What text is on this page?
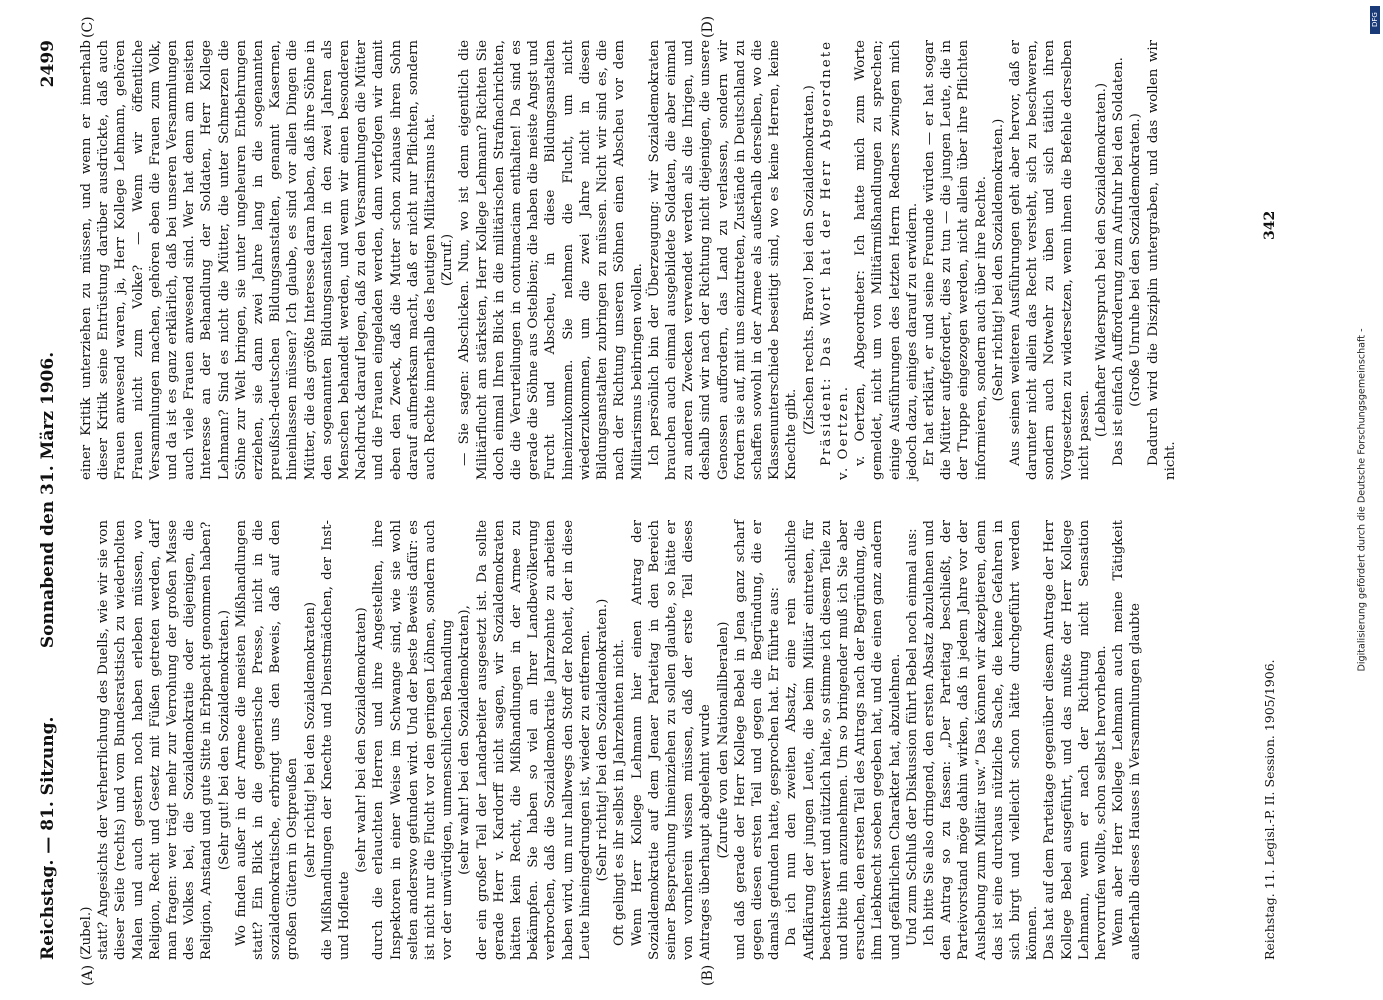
Reichstag. — 81. Sitzung.
Sonnabend den 31. März 1906.
2499
(A)	(B)
(C)	(D)

(Zubel.) statt? Angesichts der Verherrlichung des Duells, wie wir sie von dieser Seite (rechts) und vom Bundesratstisch zu wiederholten Malen und auch gestern noch haben erleben müssen, wo Religion, Recht und Gesetz mit Füßen getreten werden, darf man fragen: wer trägt mehr zur Verrohung der großen Masse des Volkes bei, die Sozialdemokratie oder diejenigen, die Religion, Anstand und gute Sitte in Erbpacht genommen haben? (Sehr gut! bei den Sozialdemokraten.) Wo finden außer in der Armee die meisten Mißhandlungen statt? Ein Blick in die gegnerische Presse, nicht in die sozialdemokratische, erbringt uns den Beweis, daß auf den großen Gütern in Ostpreußen (sehr richtig! bei den Sozialdemokraten) die Mißhandlungen der Knechte und Dienstmädchen, der Inst- und Hofleute

(sehr wahr! bei den Sozialdemokraten) durch die erlauchten Herren und ihre Angestellten, ihre Inspektoren in einer Weise im Schwange sind, wie sie wohl selten anderswo gefunden wird. Und der beste Beweis dafür: es ist nicht nur die Flucht vor den geringen Löhnen, sondern auch vor der unwürdigen, unmenschlichen Behandlung (sehr wahr! bei den Sozialdemokraten), der ein großer Teil der Landarbeiter ausgesetzt ist. Da sollte gerade Herr v. Kardorff nicht sagen, wir Sozialdemokraten hätten kein Recht, die Mißhandlungen in der Armee zu bekämpfen. Sie haben so viel an Ihrer Landbevölkerung verbrochen, daß die Sozialdemokratie Jahrzehnte zu arbeiten haben wird, um nur halbwegs den Stoff der Roheit, der in diese Leute hineingedrungen ist, wieder zu entfernen. (Sehr richtig! bei den Sozialdemokraten.) Oft gelingt es ihr selbst in Jahrzehnten nicht. Wenn Herr Kollege Lehmann hier einen Antrag der Sozialdemokratie auf dem Jenaer Parteitag in den Bereich seiner Besprechung hineinziehen zu sollen glaubte, so hätte er von vornherein wissen müssen, daß der erste Teil dieses Antrages überhaupt abgelehnt wurde (Zurufe von den Nationalliberalen) und daß gerade der Herr Kollege Bebel in Jena ganz scharf gegen diesen ersten Teil und gegen die Begründung, die er damals gefunden hatte, gesprochen hat. Er führte aus: Da ich nun den zweiten Absatz, eine rein sachliche Aufklärung der jungen Leute, die beim Militär eintreten, für beachtenswert und nützlich halte, so stimme ich diesem Teile zu und bitte ihn anzunehmen. Um so bringender muß ich Sie aber ersuchen, den ersten Teil des Antrags nach der Begründung, die ihm Liebknecht soeben gegeben hat, und die einen ganz andern und gefährlichen Charakter hat, abzulehnen. Und zum Schluß der Diskussion führt Bebel noch einmal aus: Ich bitte Sie also dringend, den ersten Absatz abzulehnen und den Antrag so zu fassen: „Der Parteitag beschließt, der Parteivorstand möge dahin wirken, daß in jedem Jahre vor der Aushebung zum Militär usw.“ Das können wir akzeptieren, denn das ist eine durchaus nützliche Sache, die keine Gefahren in sich birgt und vielleicht schon hätte durchgeführt werden können. Das hat auf dem Parteitage gegenüber diesem Antrage der Herr Kollege Bebel ausgeführt, und das mußte der Herr Kollege Lehmann, wenn er nach der Richtung nicht Sensation hervorrufen wollte, schon selbst hervorheben. Wenn aber Herr Kollege Lehmann auch meine Tätigkeit außerhalb dieses Hauses in Versammlungen glaubte

einer Kritik unterziehen zu müssen, und wenn er innerhalb dieser Kritik seine Entrüstung darüber ausdrückte, daß auch Frauen anwesend waren, ja, Herr Kollege Lehmann, gehören Frauen nicht zum Volke? — Wenn wir öffentliche Versammlungen machen, gehören eben die Frauen zum Volk, und da ist es ganz erklärlich, daß bei unseren Versammlungen auch viele Frauen anwesend sind. Wer hat denn am meisten Interesse an der Behandlung der Soldaten, Herr Kollege Lehmann? Sind es nicht die Mütter, die unter Schmerzen die Söhne zur Welt bringen, sie unter ungeheuren Entbehrungen erziehen, sie dann zwei Jahre lang in die sogenannten preußisch-deutschen Bildungsanstalten, genannt Kasernen, hineinlassen müssen? Ich glaube, es sind vor allen Dingen die Mütter, die das größte Interesse daran haben, daß ihre Söhne in den sogenannten Bildungsanstalten in den zwei Jahren als Menschen behandelt werden, und wenn wir einen besonderen Nachdruck darauf legen, daß zu den Versammlungen die Mütter und die Frauen eingeladen werden, dann verfolgen wir damit eben den Zweck, daß die Mutter schon zuhause ihren Sohn darauf aufmerksam macht, daß er nicht nur Pflichten, sondern auch Rechte innerhalb des heutigen Militarismus hat. (Zuruf.) — Sie sagen: Abschicken. Nun, wo ist denn eigentlich die Militärflucht am stärksten, Herr Kollege Lehmann? Richten Sie doch einmal Ihren Blick in die militärischen Strafnachrichten, die die Verurteilungen in contumaciam enthalten! Da sind es gerade die Söhne aus Ostelbien; die haben die meiste Angst und Furcht und Abscheu, in diese Bildungsanstalten hineinzukommen. Sie nehmen die Flucht, um nicht wiederzukommen, um die zwei Jahre nicht in diesen Bildungsanstalten zubringen zu müssen. Nicht wir sind es, die nach der Richtung unseren Söhnen einen Abscheu vor dem Militarismus beibringen wollen. Ich persönlich bin der Überzeugung: wir Sozialdemokraten brauchen auch einmal ausgebildete Soldaten, die aber einmal zu anderen Zwecken verwendet werden als die Ihrigen, und deshalb sind wir nach der Richtung nicht diejenigen, die unsere Genossen auffordern, das Land zu verlassen, sondern wir fordern sie auf, mit uns einzutreten, Zustände in Deutschland zu schaffen sowohl in der Armee als außerhalb derselben, wo die Klassenunterschiede beseitigt sind, wo es keine Herren, keine Knechte gibt. (Zischen rechts. Bravo! bei den Sozialdemokraten.) Präsident: Das Wort hat der Herr Abgeordnete v. Oertzen. v. Oertzen, Abgeordneter: Ich hatte mich zum Worte gemeldet, nicht um von Militärmißhandlungen zu sprechen; einige Ausführungen des letzten Herrn Redners zwingen mich jedoch dazu, einiges darauf zu erwidern. Er hat erklärt, er und seine Freunde würden — er hat sogar die Mütter aufgefordert, dies zu tun — die jungen Leute, die in der Truppe eingezogen werden, nicht allein über ihre Pflichten informieren, sondern auch über ihre Rechte. (Sehr richtig! bei den Sozialdemokraten.) Aus seinen weiteren Ausführungen geht aber hervor, daß er darunter nicht allein das Recht versteht, sich zu beschweren, sondern auch Notwehr zu üben und sich tätlich ihren Vorgesetzten zu widersetzen, wenn ihnen die Befehle derselben nicht passen. (Lebhafter Widerspruch bei den Sozialdemokraten.) Das ist einfach Aufforderung zum Aufruhr bei den Soldaten. (Große Unruhe bei den Sozialdemokraten.) Dadurch wird die Disziplin untergraben, und das wollen wir nicht.

Reichstag. 11. Legisl.-P. II. Session. 1905/1906.
342
Digitalisierung gefördert durch die Deutsche Forschungsgemeinschaft -
DFG
